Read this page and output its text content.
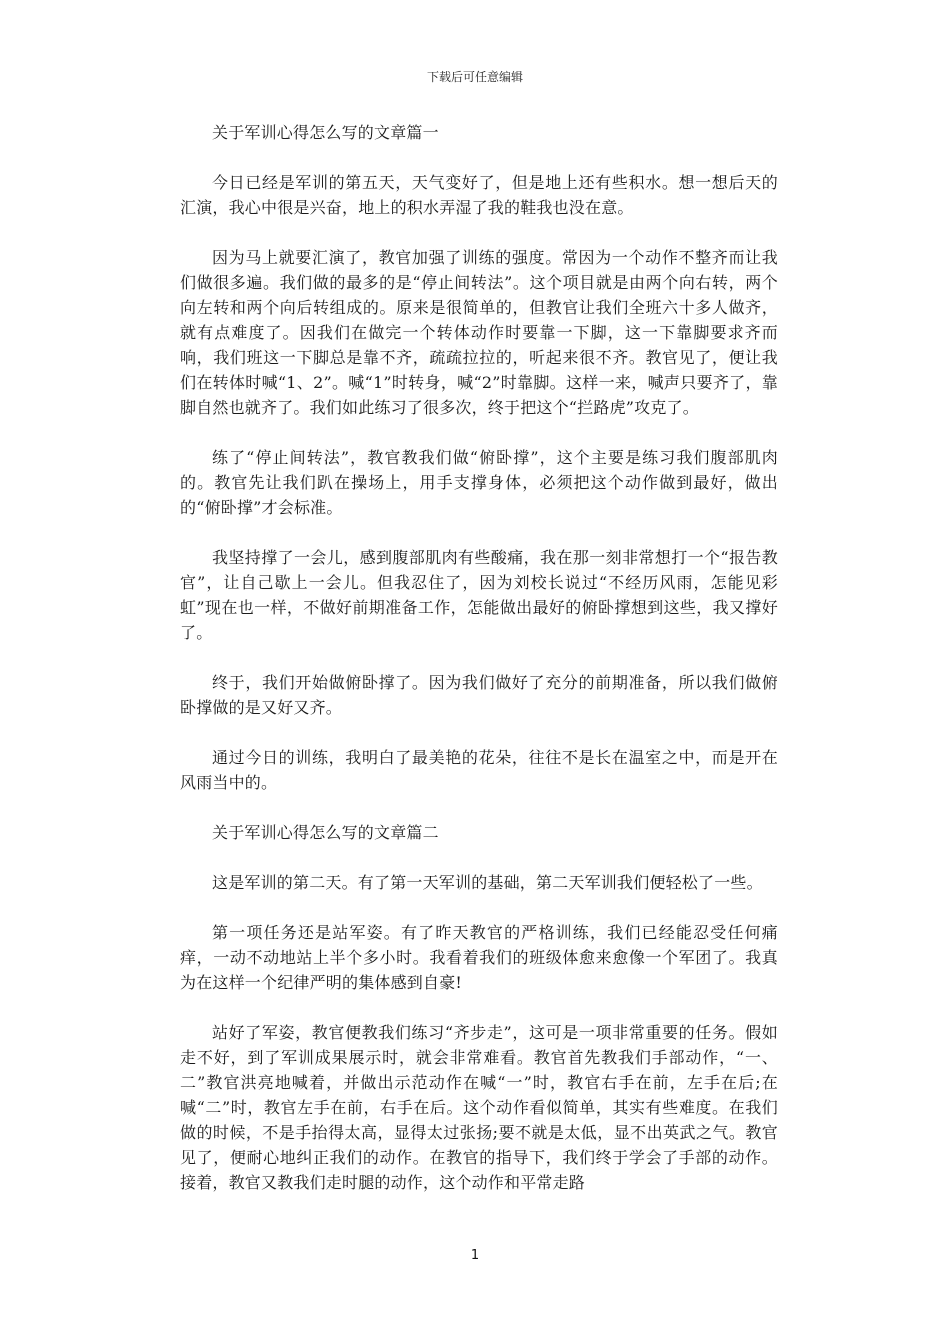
下载后可任意编辑

关于军训心得怎么写的文章篇一

今日已经是军训的第五天，天气变好了，但是地上还有些积水。想一想后天的汇演，我心中很是兴奋，地上的积水弄湿了我的鞋我也没在意。

因为马上就要汇演了，教官加强了训练的强度。常因为一个动作不整齐而让我们做很多遍。我们做的最多的是“停止间转法”。这个项目就是由两个向右转，两个向左转和两个向后转组成的。原来是很简单的，但教官让我们全班六十多人做齐，就有点难度了。因我们在做完一个转体动作时要靠一下脚，这一下靠脚要求齐而响，我们班这一下脚总是靠不齐，疏疏拉拉的，听起来很不齐。教官见了，便让我们在转体时喊“1、2”。喊“1”时转身，喊“2”时靠脚。这样一来，喊声只要齐了，靠脚自然也就齐了。我们如此练习了很多次，终于把这个“拦路虎”攻克了。

练了“停止间转法”，教官教我们做“俯卧撑”，这个主要是练习我们腹部肌肉的。教官先让我们趴在操场上，用手支撑身体，必须把这个动作做到最好，做出的“俯卧撑”才会标准。

我坚持撑了一会儿，感到腹部肌肉有些酸痛，我在那一刻非常想打一个“报告教官”，让自己歇上一会儿。但我忍住了，因为刘校长说过“不经历风雨，怎能见彩虹”现在也一样，不做好前期准备工作，怎能做出最好的俯卧撑想到这些，我又撑好了。

终于，我们开始做俯卧撑了。因为我们做好了充分的前期准备，所以我们做俯卧撑做的是又好又齐。

通过今日的训练，我明白了最美艳的花朵，往往不是长在温室之中，而是开在风雨当中的。

关于军训心得怎么写的文章篇二

这是军训的第二天。有了第一天军训的基础，第二天军训我们便轻松了一些。

第一项任务还是站军姿。有了昨天教官的严格训练，我们已经能忍受任何痛痒，一动不动地站上半个多小时。我看着我们的班级体愈来愈像一个军团了。我真为在这样一个纪律严明的集体感到自豪!

站好了军姿，教官便教我们练习“齐步走”，这可是一项非常重要的任务。假如走不好，到了军训成果展示时，就会非常难看。教官首先教我们手部动作，“一、二”教官洪亮地喊着，并做出示范动作在喊“一”时，教官右手在前，左手在后;在喊“二”时，教官左手在前，右手在后。这个动作看似简单，其实有些难度。在我们做的时候，不是手抬得太高，显得太过张扬;要不就是太低，显不出英武之气。教官见了，便耐心地纠正我们的动作。在教官的指导下，我们终于学会了手部的动作。接着，教官又教我们走时腿的动作，这个动作和平常走路

1
